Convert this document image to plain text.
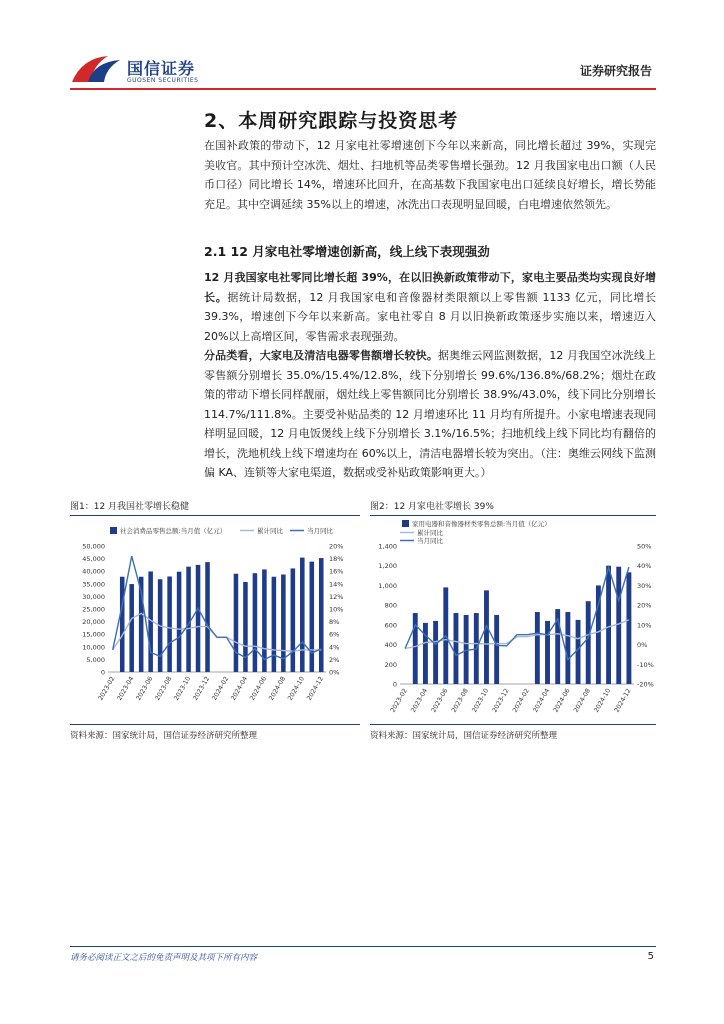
国信证券
GUOSEN SECURITIES
证券研究报告
2、本周研究跟踪与投资思考

在国补政策的带动下，12 月家电社零增速创下今年以来新高，同比增长超过 39%，实现完美收官。其中预计空冰洗、烟灶、扫地机等品类零售增长强劲。12 月我国家电出口额（人民币口径）同比增长 14%，增速环比回升，在高基数下我国家电出口延续良好增长，增长势能充足。其中空调延续 35%以上的增速，冰洗出口表现明显回暖，白电增速依然领先。

2.1 12 月家电社零增速创新高，线上线下表现强劲

12 月我国家电社零同比增长超 39%，在以旧换新政策带动下，家电主要品类均实现良好增长。据统计局数据，12 月我国家电和音像器材类限额以上零售额 1133 亿元，同比增长 39.3%，增速创下今年以来新高。家电社零自 8 月以旧换新政策逐步实施以来，增速迈入 20%以上高增区间，零售需求表现强劲。

分品类看，大家电及清洁电器零售额增长较快。据奥维云网监测数据，12 月我国空冰洗线上零售额分别增长 35.0%/15.4%/12.8%，线下分别增长 99.6%/136.8%/68.2%；烟灶在政策的带动下增长同样靓丽，烟灶线上零售额同比分别增长 38.9%/43.0%，线下同比分别增长 114.7%/111.8%。主要受补贴品类的 12 月增速环比 11 月均有所提升。小家电增速表现同样明显回暖，12 月电饭煲线上线下分别增长 3.1%/16.5%；扫地机线上线下同比均有翻倍的增长，洗地机线上线下增速均在 60%以上，清洁电器增长较为突出。（注：奥维云网线下监测偏 KA、连锁等大家电渠道，数据或受补贴政策影响更大。）

图1：12 月我国社零增长稳健
社会消费品零售总额:当月值（亿元）	累计同比	当月同比
0
5,000
10,000
15,000
20,000
25,000
30,000
35,000
40,000
45,000
50,000
0%
2%
4%
6%
8%
10%
12%
14%
16%
18%
20%
2023-02 2023-04 2023-06 2023-08 2023-10 2023-12 2024-02 2024-04 2024-06 2024-08 2024-10 2024-12
资料来源：国家统计局，国信证券经济研究所整理
图2：12 月家电社零增长 39%
家用电器和音像器材类零售总额:当月值（亿元）
累计同比
当月同比
0
200
400
600
800
1,000
1,200
1,400
-20%
-10%
0%
10%
20%
30%
40%
50%
2023-02 2023-04 2023-06 2023-08 2023-10 2023-12 2024-02 2024-04 2024-06 2024-08 2024-10 2024-12
资料来源：国家统计局，国信证券经济研究所整理
请务必阅读正文之后的免责声明及其项下所有内容	5
